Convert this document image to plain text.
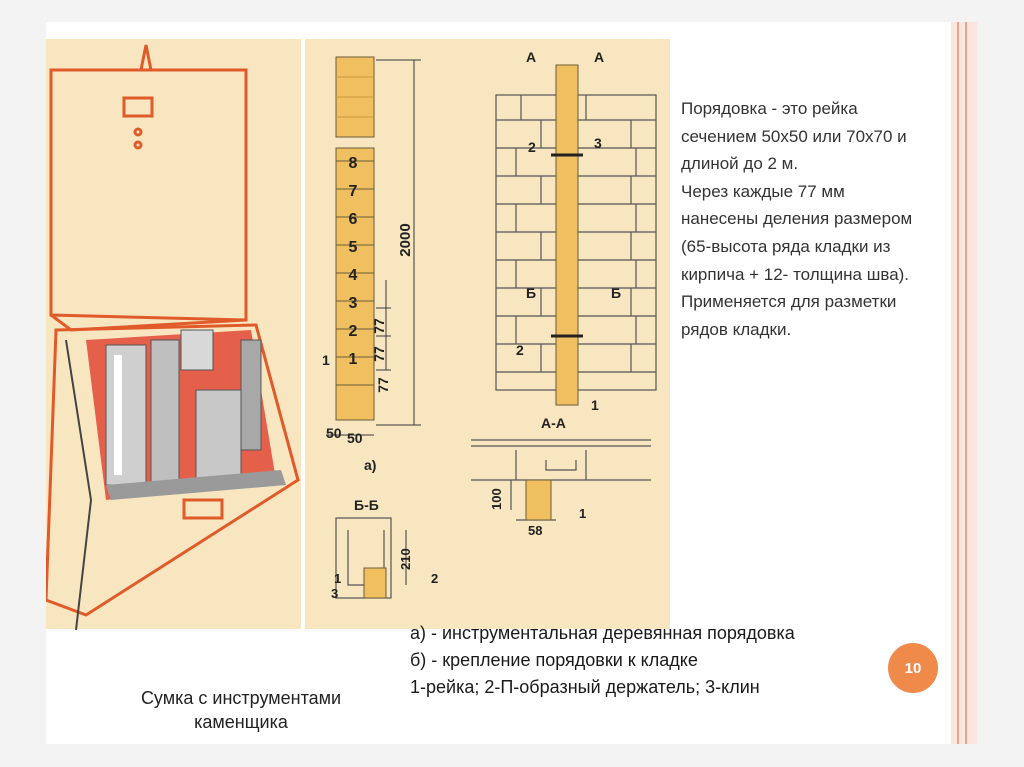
8
7
6
5
4
3
2
1
2000
77
77
77
50 50
1
а)
А	А
Б	Б
2	3
2
1
А-А
100
58
1
Б-Б
210
1	2
3
Порядовка - это рейка
сечением 50х50 или 70х70 и
длиной до 2 м.
Через каждые 77 мм
нанесены деления размером
(65-высота ряда кладки из
кирпича + 12- толщина шва).
Применяется для разметки
рядов кладки.
а) - инструментальная деревянная порядовка
б) - крепление порядовки к кладке
1-рейка; 2-П-образный держатель; 3-клин
Сумка с инструментами каменщика
10
